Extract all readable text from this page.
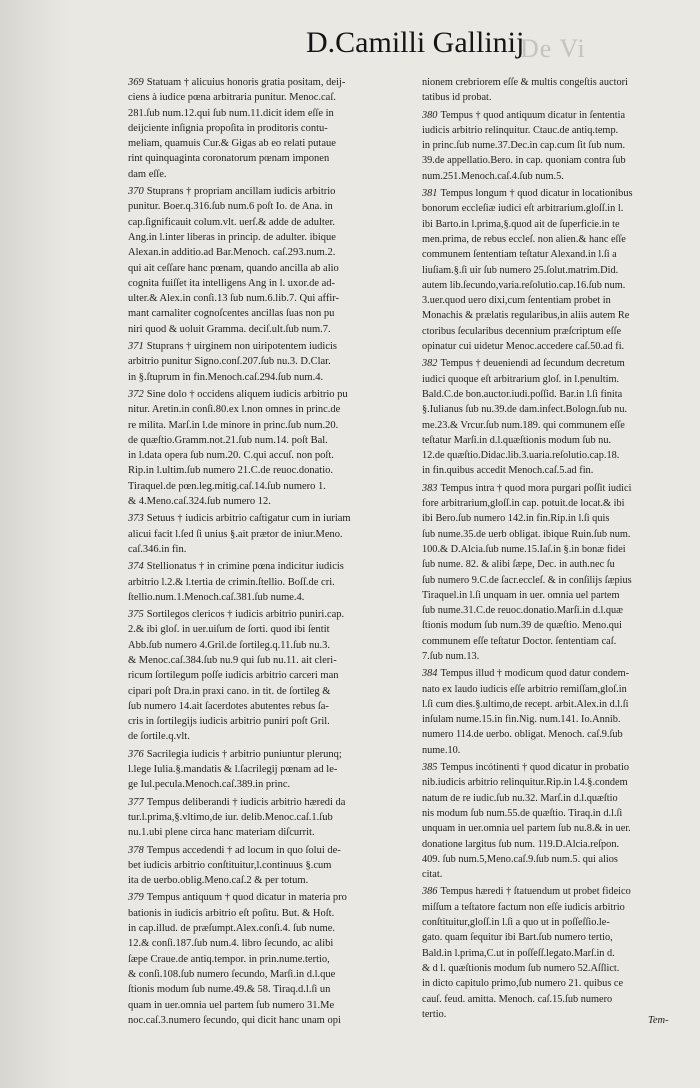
De Vi
D.Camilli Gallinij
369 Statuam † alicuius honoris gratia positam, deij-
ciens à iudice pœna arbitraria punitur. Menoc.caſ.
281.ſub num.12.qui ſub num.11.dicit idem eſſe in
deijciente inſignia propoſita in proditoris contu-
meliam, quamuis Cur.& Gigas ab eo relati putaue
rint quinquaginta coronatorum pœnam imponen
dam eſſe.
370 Stuprans † propriam ancillam iudicis arbitrio
punitur. Boer.q.316.ſub num.6 poſt Io. de Ana. in
cap.ſignificauit colum.vlt. uerſ.& adde de adulter.
Ang.in l.inter liberas in princip. de adulter. ibique
Alexan.in additio.ad Bar.Menoch. caſ.293.num.2.
qui ait ceſſare hanc pœnam, quando ancilla ab alio
cognita fuiſſet ita intelligens Ang in l. uxor.de ad-
ulter.& Alex.in conſi.13 ſub num.6.lib.7. Qui affir-
mant carnaliter cognoſcentes ancillas ſuas non pu
niri quod & uoluit Gramma. deciſ.ult.ſub num.7.
371 Stuprans † uirginem non uiripotentem iudicis
arbitrio punitur Signo.conſ.207.ſub nu.3. D.Clar.
in §.ſtuprum in fin.Menoch.caſ.294.ſub num.4.
372 Sine dolo † occidens aliquem iudicis arbitrio pu
nitur. Aretin.in conſi.80.ex l.non omnes in princ.de
re milita. Marſ.in l.de minore in princ.ſub num.20.
de quæſtio.Gramm.not.21.ſub num.14. poſt Bal.
in l.data opera ſub num.20. C.qui accuſ. non poſt.
Rip.in l.ultim.ſub numero 21.C.de reuoc.donatio.
Tiraquel.de pœn.leg.mitig.caſ.14.ſub numero 1.
& 4.Meno.caſ.324.ſub numero 12.
373 Setuus † iudicis arbitrio caſtigatur cum in iuriam
alicui facit l.ſed ſi unius §.ait prætor de iniur.Meno.
caſ.346.in fin.
374 Stellionatus † in crimine pœna indicitur iudicis
arbitrio l.2.& l.tertia de crimin.ſtellio. Boſſ.de cri.
ſtellio.num.1.Menoch.caſ.381.ſub nume.4.
375 Sortilegos clericos † iudicis arbitrio puniri.cap.
2.& ibi gloſ. in uer.uiſum de ſorti. quod ibi ſentit
Abb.ſub numero 4.Gril.de ſortileg.q.11.ſub nu.3.
& Menoc.caſ.384.ſub nu.9 qui ſub nu.11. ait cleri-
ricum ſortilegum poſſe iudicis arbitrio carceri man
cipari poſt Dra.in praxi cano. in tit. de ſortileg &
ſub numero 14.ait ſacerdotes abutentes rebus ſa-
cris in ſortilegijs iudicis arbitrio puniri poſt Gril.
de ſortile.q.vlt.
376 Sacrilegia iudicis † arbitrio puniuntur plerunq;
l.lege Iulia.§.mandatis & l.ſacrilegij pœnam ad le-
ge Iul.pecula.Menoch.caſ.389.in princ.
377 Tempus deliberandi † iudicis arbitrio hæredi da
tur.l.prima,§.vltimo,de iur. delib.Menoc.caſ.1.ſub
nu.1.ubi plene circa hanc materiam diſcurrit.
378 Tempus accedendi † ad locum in quo ſolui de-
bet iudicis arbitrio conſtituitur,l.continuus §.cum
ita de uerbo.oblig.Meno.caſ.2 & per totum.
379 Tempus antiquum † quod dicatur in materia pro
bationis in iudicis arbitrio eſt poſitu. But. & Hoſt.
in cap.illud. de præſumpt.Alex.conſi.4. ſub nume.
12.& conſi.187.ſub num.4. libro ſecundo, ac alibi
ſæpe Craue.de antiq.tempor. in prin.nume.tertio,
& conſi.108.ſub numero ſecundo, Marſi.in d.l.que
ſtionis modum ſub nume.49.& 58. Tiraq.d.l.ſi un
quam in uer.omnia uel partem ſub numero 31.Me
noc.caſ.3.numero ſecundo, qui dicit hanc unam opi
nionem crebriorem eſſe & multis congeſtis auctori
tatibus id probat.
380 Tempus † quod antiquum dicatur in ſententia
iudicis arbitrio relinquitur. Ctauc.de antiq.temp.
in princ.ſub nume.37.Dec.in cap.cum ſit ſub num.
39.de appellatio.Bero. in cap. quoniam contra ſub
num.251.Menoch.caſ.4.ſub num.5.
381 Tempus longum † quod dicatur in locationibus
bonorum eccleſiæ iudici eſt arbitrarium.gloſſ.in l.
ibi Barto.in l.prima,§.quod ait de ſuperficie.in te
men.prima, de rebus eccleſ. non alien.& hanc eſſe
communem ſententiam teſtatur Alexand.in l.ſi a
liuſiam.§.ſi uir ſub numero 25.ſolut.matrim.Did.
autem lib.ſecundo,varia.reſolutio.cap.16.ſub num.
3.uer.quod uero dixi,cum ſententiam probet in
Monachis & prælatis regularibus,in aliis autem Re
ctoribus ſecularibus decennium præſcriptum eſſe
opinatur cui uidetur Menoc.accedere caſ.50.ad fi.
382 Tempus † deueniendi ad ſecundum decretum
iudici quoque eſt arbitrarium gloſ. in l.penultim.
Bald.C.de bon.auctor.iudi.poſſid. Bar.in l.ſi finita
§.Iulianus ſub nu.39.de dam.infect.Bologn.ſub nu.
me.23.& Vrcur.ſub num.189. qui communem eſſe
teſtatur Marſi.in d.l.quæſtionis modum ſub nu.
12.de quæſtio.Didac.lib.3.uaria.reſolutio.cap.18.
in fin.quibus accedit Menoch.caſ.5.ad fin.
383 Tempus intra † quod mora purgari poſſit iudici
fore arbitrarium,gloſſ.in cap. potuit.de locat.& ibi
ibi Bero.ſub numero 142.in fin.Rip.in l.ſi quis
ſub nume.35.de uerb obligat. ibique Ruin.ſub num.
100.& D.Alcia.ſub nume.15.Iaſ.in §.in bonæ fidei
ſub nume. 82. & alibi ſæpe, Dec. in auth.nec ſu
ſub numero 9.C.de ſacr.eccleſ. & in conſilijs ſæpius
Tiraquel.in l.ſi unquam in uer. omnia uel partem
ſub nume.31.C.de reuoc.donatio.Marſi.in d.l.quæ
ſtionis modum ſub num.39 de quæſtio. Meno.qui
communem eſſe teſtatur Doctor. ſententiam caſ.
7.ſub num.13.
384 Tempus illud † modicum quod datur condem-
nato ex laudo iudicis eſſe arbitrio remiſſam,gloſ.in
l.ſi cum dies.§.ultimo,de recept. arbit.Alex.in d.l.ſi
inſulam nume.15.in fin.Nig. num.141. Io.Annib.
numero 114.de uerbo. obligat. Menoch. caſ.9.ſub
nume.10.
385 Tempus incótinenti † quod dicatur in probatio
nib.iudicis arbitrio relinquitur.Rip.in l.4.§.condem
natum de re iudic.ſub nu.32. Marſ.in d.l.quæſtio
nis modum ſub num.55.de quæſtio. Tiraq.in d.l.ſi
unquam in uer.omnia uel partem ſub nu.8.& in uer.
donatione largitus ſub num. 119.D.Alcia.reſpon.
409. ſub num.5,Meno.caſ.9.ſub num.5. qui alios
citat.
386 Tempus hæredi † ſtatuendum ut probet fideico
miſſum a teſtatore factum non eſſe iudicis arbitrio
conſtituitur,gloſſ.in l.ſi a quo ut in poſſeſſio.le-
gato. quam ſequitur ibi Bart.ſub numero tertio,
Bald.in l.prima,C.ut in poſſeſſ.legato.Marſ.in d.
& d l. quæſtionis modum ſub numero 52.Aſſlict.
in dicto capitulo primo,ſub numero 21. quibus ce
cauſ. feud. amitta. Menoch. caſ.15.ſub numero
tertio.
Tem-
